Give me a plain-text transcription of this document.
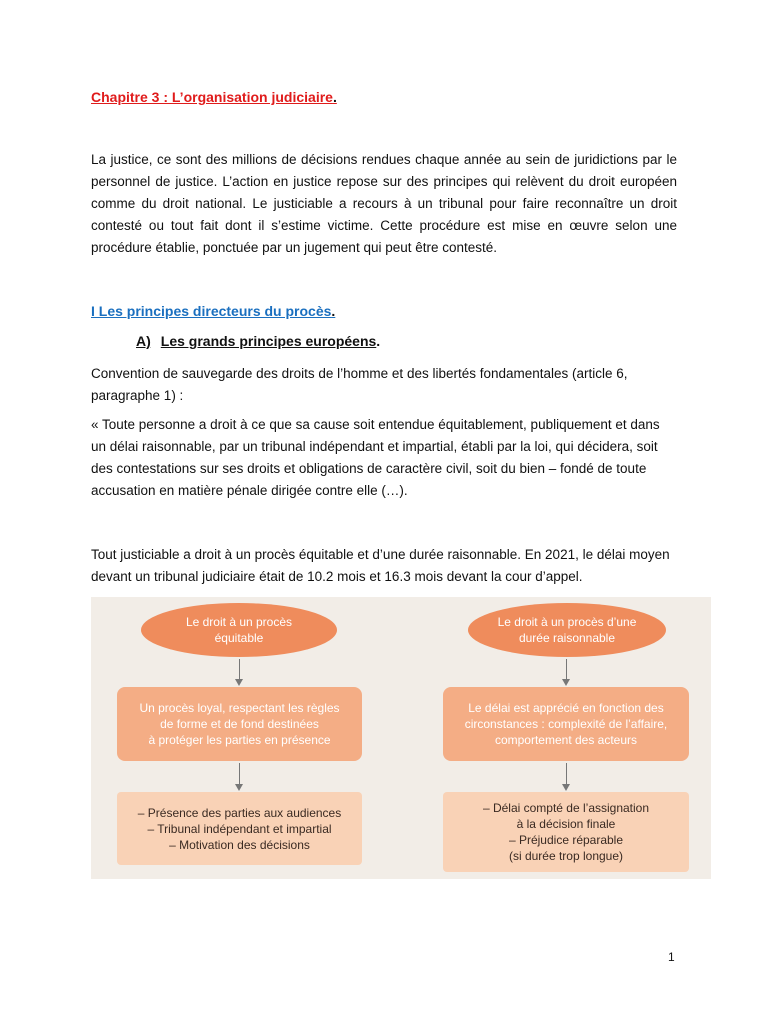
Chapitre 3 : L’organisation judiciaire.
La justice, ce sont des millions de décisions rendues chaque année au sein de juridictions par le personnel de justice. L’action en justice repose sur des principes qui relèvent du droit européen comme du droit national. Le justiciable a recours à un tribunal pour faire reconnaître un droit contesté ou tout fait dont il s’estime victime. Cette procédure est mise en œuvre selon une procédure établie, ponctuée par un jugement qui peut être contesté.
I Les principes directeurs du procès.
A) Les grands principes européens.
Convention de sauvegarde des droits de l’homme et des libertés fondamentales (article 6, paragraphe 1) :
« Toute personne a droit à ce que sa cause soit entendue équitablement, publiquement et dans un délai raisonnable, par un tribunal indépendant et impartial, établi par la loi, qui décidera, soit des contestations sur ses droits et obligations de caractère civil, soit du bien – fondé de toute accusation en matière pénale dirigée contre elle (…).
Tout justiciable a droit à un procès équitable et d’une durée raisonnable. En 2021, le délai moyen devant un tribunal judiciaire était de 10.2 mois et 16.3 mois devant la cour d’appel.
Le droit à un procès
équitable
Le droit à un procès d’une
durée raisonnable
Un procès loyal, respectant les règles
de forme et de fond destinées
à protéger les parties en présence
Le délai est apprécié en fonction des
circonstances : complexité de l’affaire,
comportement des acteurs
– Présence des parties aux audiences
– Tribunal indépendant et impartial
– Motivation des décisions
– Délai compté de l’assignation
à la décision finale
– Préjudice réparable
(si durée trop longue)
1
